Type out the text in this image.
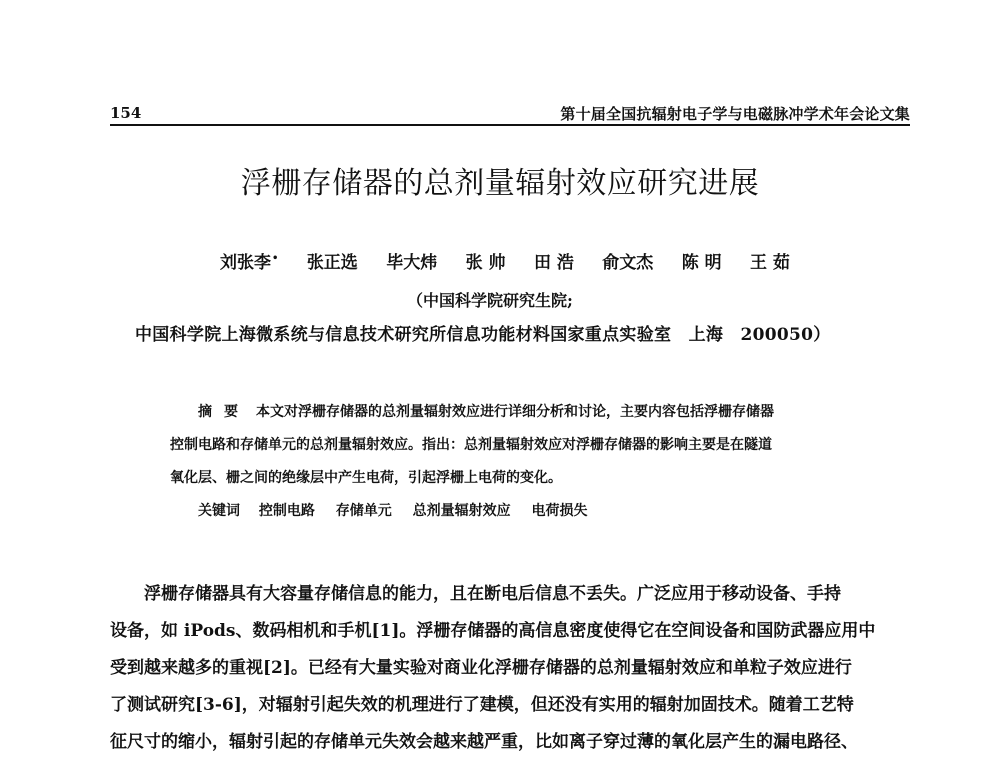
154	第十届全国抗辐射电子学与电磁脉冲学术年会论文集
浮栅存储器的总剂量辐射效应研究进展
刘张李• 张正选 毕大炜 张 帅 田 浩 俞文杰 陈 明 王 茹
（中国科学院研究生院;
中国科学院上海微系统与信息技术研究所信息功能材料国家重点实验室　上海　200050）
摘要 本文对浮栅存储器的总剂量辐射效应进行详细分析和讨论，主要内容包括浮栅存储器
控制电路和存储单元的总剂量辐射效应。指出：总剂量辐射效应对浮栅存储器的影响主要是在隧道
氧化层、栅之间的绝缘层中产生电荷，引起浮栅上电荷的变化。
关键词 控制电路 存储单元 总剂量辐射效应 电荷损失
浮栅存储器具有大容量存储信息的能力，且在断电后信息不丢失。广泛应用于移动设备、手持
设备，如 iPods、数码相机和手机[1]。浮栅存储器的高信息密度使得它在空间设备和国防武器应用中
受到越来越多的重视[2]。已经有大量实验对商业化浮栅存储器的总剂量辐射效应和单粒子效应进行
了测试研究[3-6]，对辐射引起失效的机理进行了建模，但还没有实用的辐射加固技术。随着工艺特
征尺寸的缩小，辐射引起的存储单元失效会越来越严重，比如离子穿过薄的氧化层产生的漏电路径、
